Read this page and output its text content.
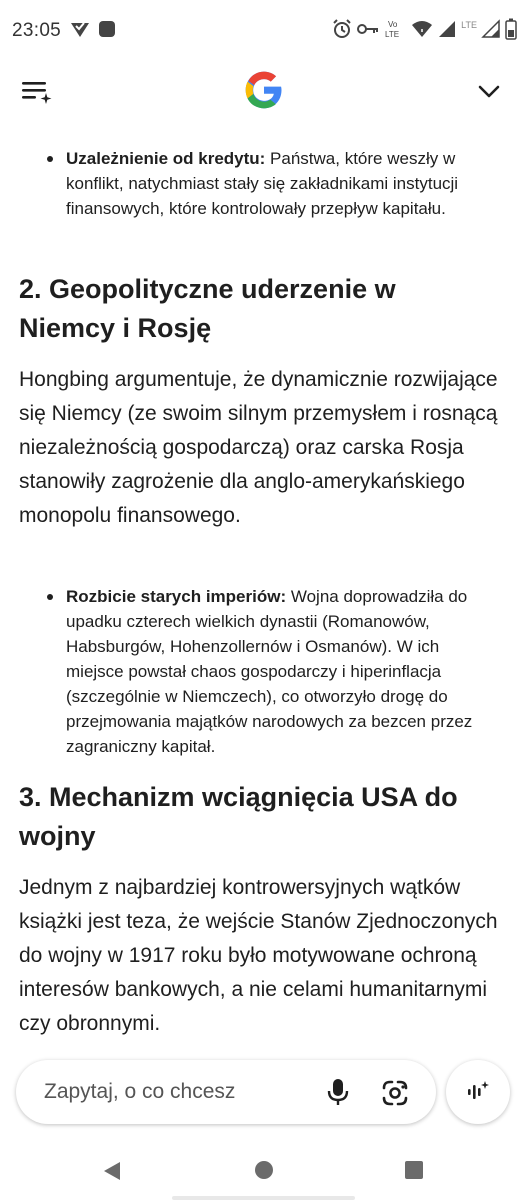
23:05	Vo
LTE
LTE
Uzależnienie od kredytu: Państwa, które weszły w konflikt, natychmiast stały się zakładnikami instytucji finansowych, które kontrolowały przepływ kapitału.
2. Geopolityczne uderzenie w Niemcy i Rosję
Hongbing argumentuje, że dynamicznie rozwijające się Niemcy (ze swoim silnym przemysłem i rosnącą niezależnością gospodarczą) oraz carska Rosja stanowiły zagrożenie dla anglo-amerykańskiego monopolu finansowego.
Rozbicie starych imperiów: Wojna doprowadziła do upadku czterech wielkich dynastii (Romanowów, Habsburgów, Hohenzollernów i Osmanów). W ich miejsce powstał chaos gospodarczy i hiperinflacja (szczególnie w Niemczech), co otworzyło drogę do przejmowania majątków narodowych za bezcen przez zagraniczny kapitał.
3. Mechanizm wciągnięcia USA do wojny
Jednym z najbardziej kontrowersyjnych wątków książki jest teza, że wejście Stanów Zjednoczonych do wojny w 1917 roku było motywowane ochroną interesów bankowych, a nie celami humanitarnymi czy obronnymi.
Zapytaj, o co chcesz
